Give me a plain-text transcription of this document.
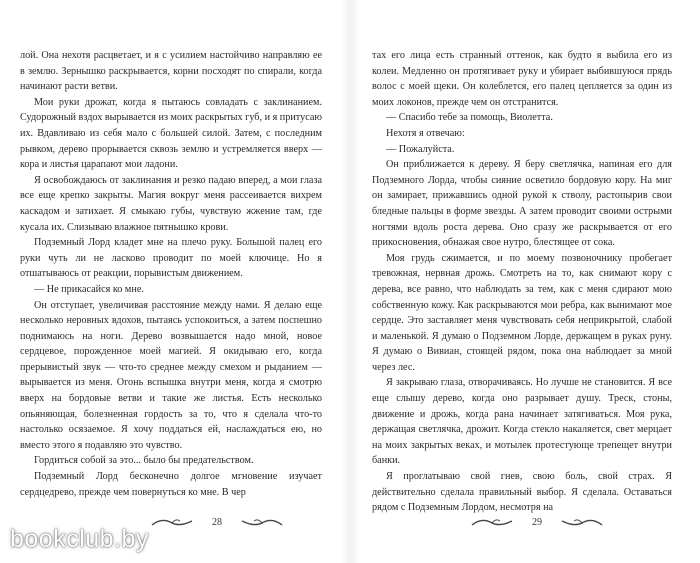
лой. Она нехотя расцветает, и я с усилием настойчиво направляю ее в землю. Зернышко раскрывается, корни посходят по спирали, когда начинают расти ветви.

Мои руки дрожат, когда я пытаюсь совладать с заклинанием. Судорожный вздох вырывается из моих раскрытых губ, и я притусаю их. Вдавливаю из себя мало с большей силой. Затем, с последним рывком, дерево прорывается сквозь землю и устремляется вверх — кора и листья царапают мои ладони.

Я освобождаюсь от заклинания и резко падаю вперед, а мои глаза все еще крепко закрыты. Магия вокруг меня рассеивается вихрем каскадом и затихает. Я смыкаю губы, чувствую жжение там, где кусала их. Слизываю влажное пятнышко крови.

Подземный Лорд кладет мне на плечо руку. Большой палец его руки чуть ли не ласково проводит по моей ключице. Но я отшатываюсь от реакции, порывистым движением.

— Не прикасайся ко мне.

Он отступает, увеличивая расстояние между нами. Я делаю еще несколько неровных вдохов, пытаясь успокоиться, а затем поспешно поднимаюсь на ноги. Дерево возвышается надо мной, новое сердцевое, порожденное моей магией. Я окидываю его, когда прерывистый звук — что-то среднее между смехом и рыданием — вырывается из меня. Огонь вспышка внутри меня, когда я смотрю вверх на бордовые ветви и такие же листья. Есть несколько опьяняющая, болезненная гордость за то, что я сделала что-то настолько осязаемое. Я хочу поддаться ей, наслаждаться ею, но вместо этого я подавляю это чувство.

Гордиться собой за это... было бы предательством.

Подземный Лорд бесконечно долгое мгновение изучает сердцедрево, прежде чем повернуться ко мне. В чер

тах его лица есть странный оттенок, как будто я выбила его из колеи. Медленно он протягивает руку и убирает выбившуюся прядь волос с моей щеки. Он колеблется, его палец цепляется за один из моих локонов, прежде чем он отстранится.

— Спасибо тебе за помощь, Виолетта.

Нехотя я отвечаю:

— Пожалуйста.

Он приближается к дереву. Я беру светлячка, напиная его для Подземного Лорда, чтобы сияние осветило бордовую кору. На миг он замирает, прижавшись одной рукой к стволу, растопырив свои бледные пальцы в форме звезды. А затем проводит своими острыми ногтями вдоль роста дерева. Оно сразу же раскрывается от его прикосновения, обнажая свое нутро, блестящее от сока.

Моя грудь сжимается, и по моему позвоночнику пробегает тревожная, нервная дрожь. Смотреть на то, как снимают кору с дерева, все равно, что наблюдать за тем, как с меня сдирают мою собственную кожу. Как раскрываются мои ребра, как вынимают мое сердце. Это заставляет меня чувствовать себя неприкрытой, слабой и маленькой. Я думаю о Подземном Лорде, держащем в руках руну. Я думаю о Вивиан, стоящей рядом, пока она наблюдает за мной через лес.

Я закрываю глаза, отворачиваясь. Но лучше не становится. Я все еще слышу дерево, когда оно разрывает душу. Треск, стоны, движение и дрожь, когда рана начинает затягиваться. Моя рука, держащая светлячка, дрожит. Когда стекло накаляется, свет мерцает на моих закрытых веках, и мотылек протестующе трепещет внутри банки.

Я проглатываю свой гнев, свою боль, свой страх. Я действительно сделала правильный выбор. Я сделала. Оставаться рядом с Подземным Лордом, несмотря на

28	29
bookclub.by
